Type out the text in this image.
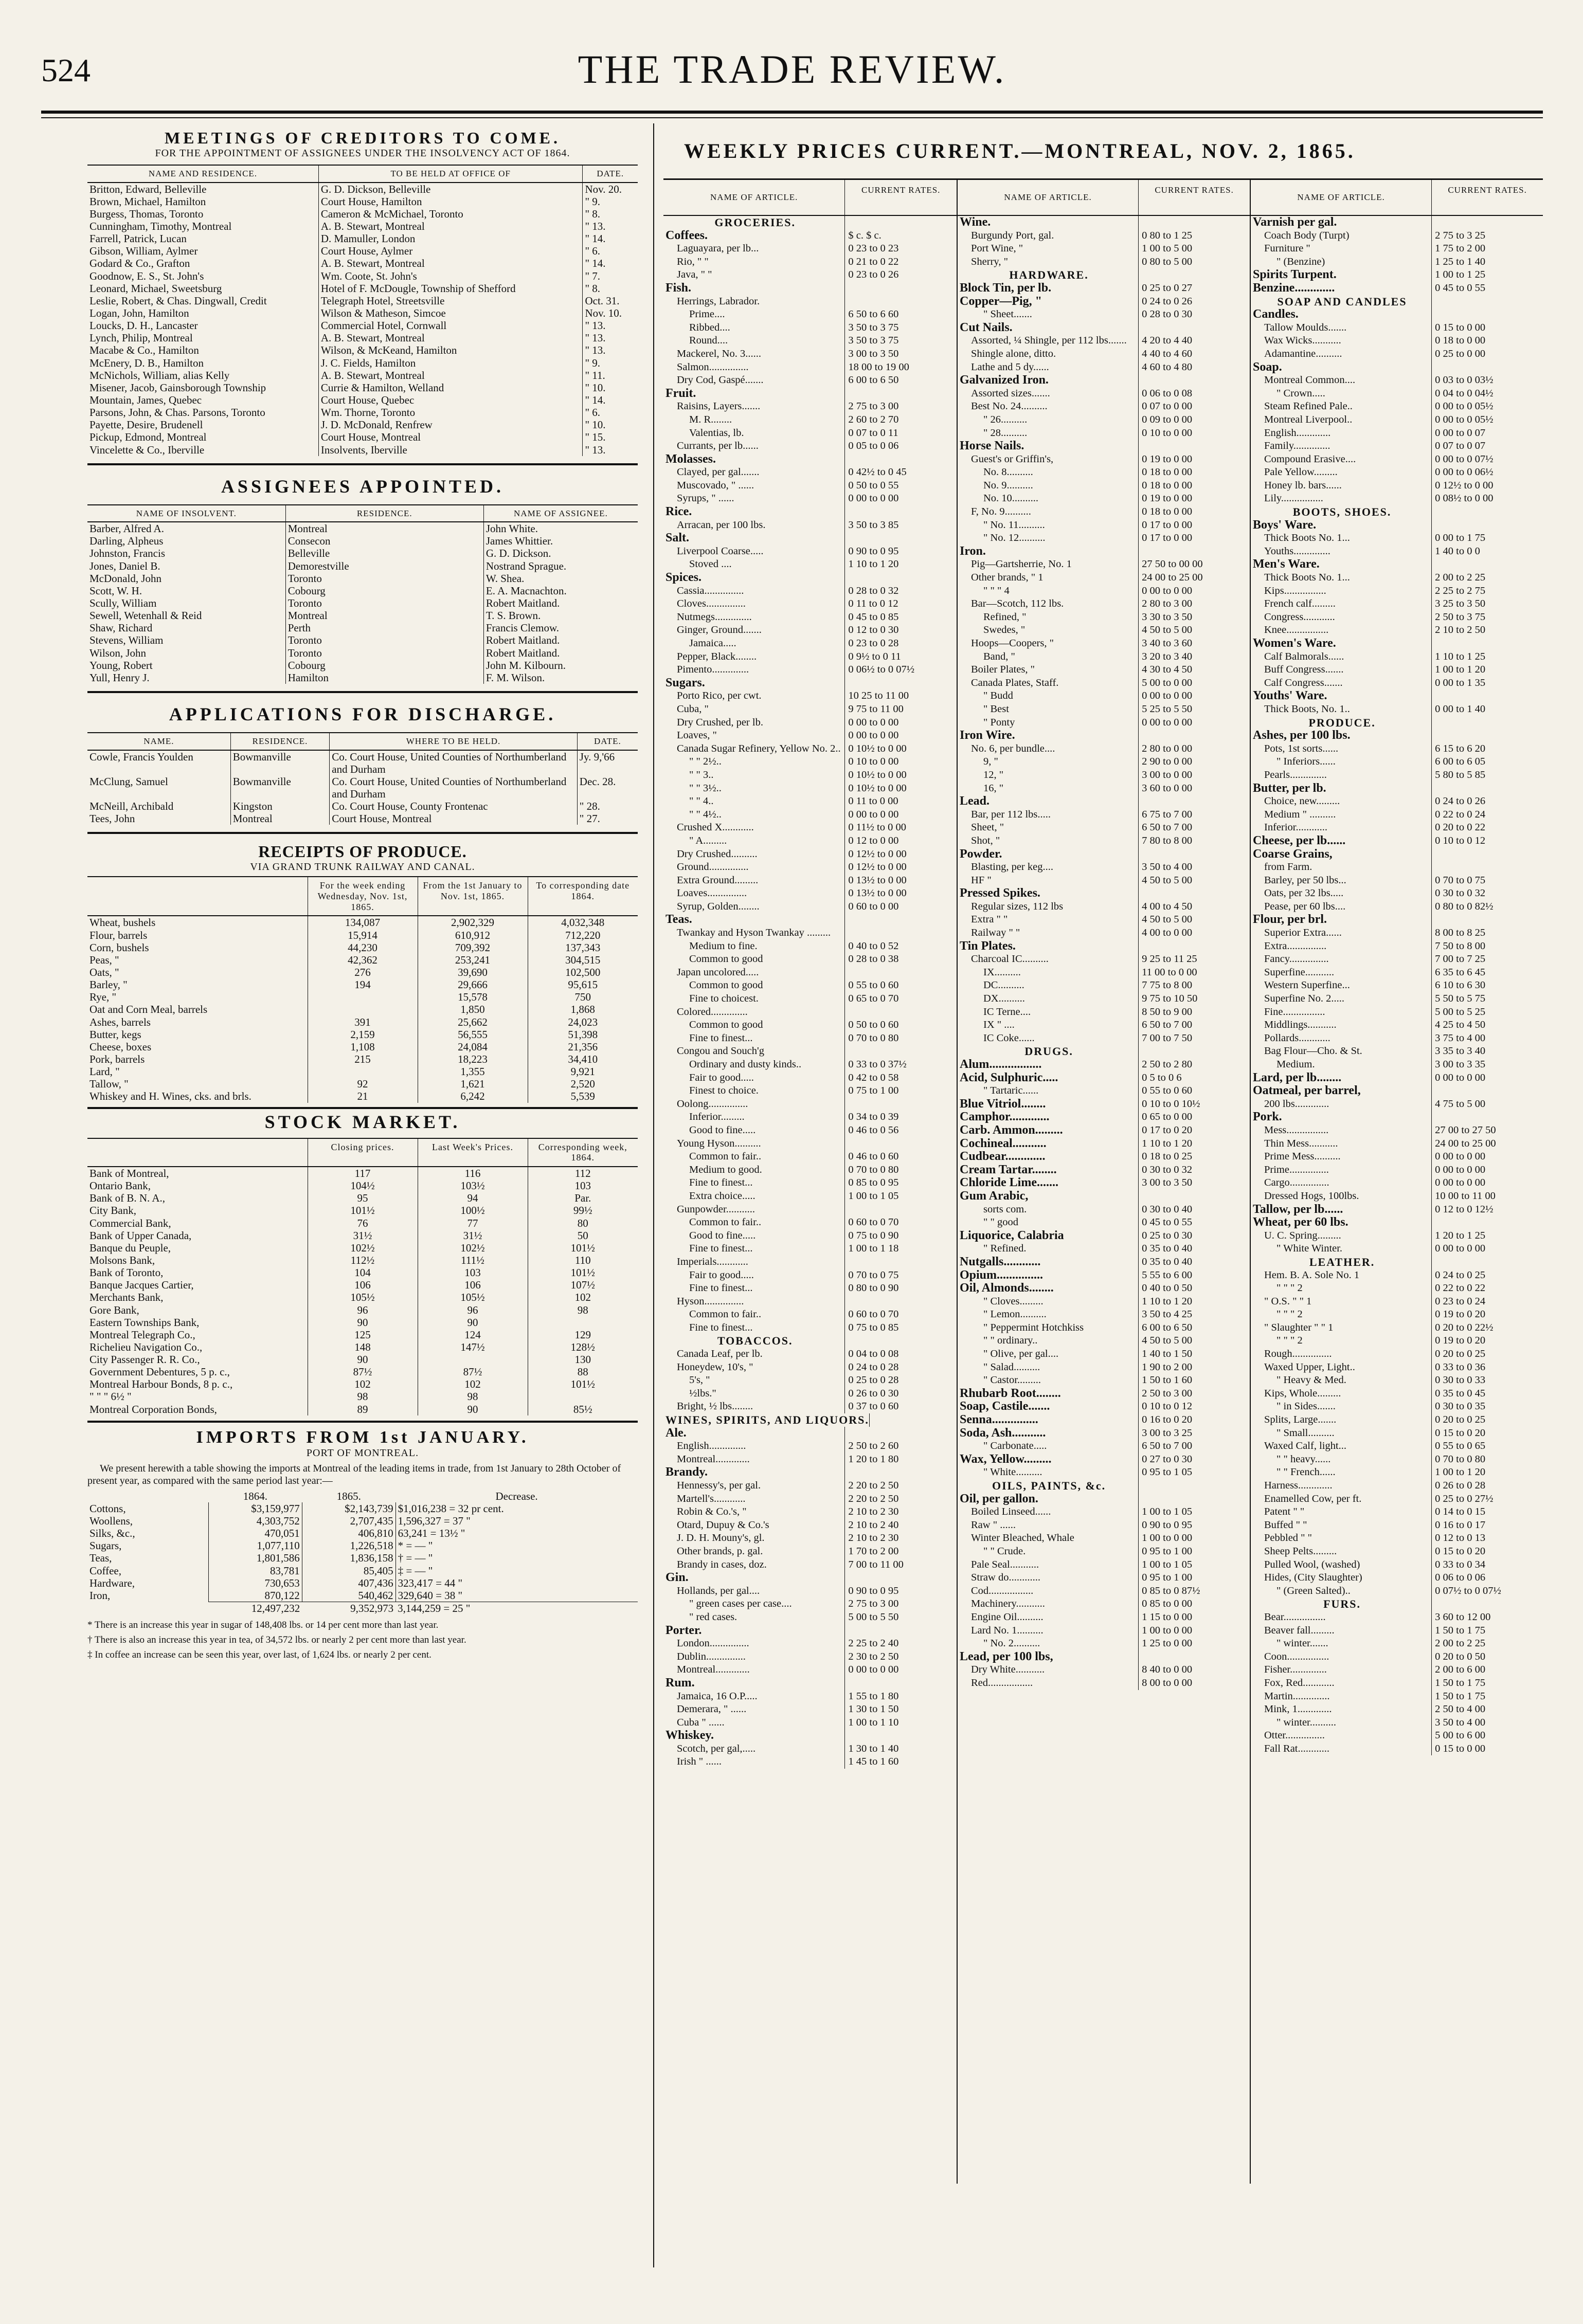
524	THE TRADE REVIEW.
MEETINGS OF CREDITORS TO COME.
FOR THE APPOINTMENT OF ASSIGNEES UNDER THE INSOLVENCY ACT OF 1864.
NAME AND RESIDENCE.	TO BE HELD AT OFFICE OF	DATE.
Britton, Edward, Belleville	G. D. Dickson, Belleville	Nov. 20.
Brown, Michael, Hamilton	Court House, Hamilton	" 9.
Burgess, Thomas, Toronto	Cameron & McMichael, Toronto	" 8.
Cunningham, Timothy, Montreal	A. B. Stewart, Montreal	" 13.
Farrell, Patrick, Lucan	D. Mamuller, London	" 14.
Gibson, William, Aylmer	Court House, Aylmer	" 6.
Godard & Co., Grafton	A. B. Stewart, Montreal	" 14.
Goodnow, E. S., St. John's	Wm. Coote, St. John's	" 7.
Leonard, Michael, Sweetsburg	Hotel of F. McDougle, Township of Shefford	" 8.
Leslie, Robert, & Chas. Dingwall, Credit	Telegraph Hotel, Streetsville	Oct. 31.
Logan, John, Hamilton	Wilson & Matheson, Simcoe	Nov. 10.
Loucks, D. H., Lancaster	Commercial Hotel, Cornwall	" 13.
Lynch, Philip, Montreal	A. B. Stewart, Montreal	" 13.
Macabe & Co., Hamilton	Wilson, & McKeand, Hamilton	" 13.
McEnery, D. B., Hamilton	J. C. Fields, Hamilton	" 9.
McNichols, William, alias Kelly	A. B. Stewart, Montreal	" 11.
Misener, Jacob, Gainsborough Township	Currie & Hamilton, Welland	" 10.
Mountain, James, Quebec	Court House, Quebec	" 14.
Parsons, John, & Chas. Parsons, Toronto	Wm. Thorne, Toronto	" 6.
Payette, Desire, Brudenell	J. D. McDonald, Renfrew	" 10.
Pickup, Edmond, Montreal	Court House, Montreal	" 15.
Vincelette & Co., Iberville	Insolvents, Iberville	" 13.
ASSIGNEES APPOINTED.
NAME OF INSOLVENT.	RESIDENCE.	NAME OF ASSIGNEE.
Barber, Alfred A.	Montreal	John White.
Darling, Alpheus	Consecon	James Whittier.
Johnston, Francis	Belleville	G. D. Dickson.
Jones, Daniel B.	Demorestville	Nostrand Sprague.
McDonald, John	Toronto	W. Shea.
Scott, W. H.	Cobourg	E. A. Macnachton.
Scully, William	Toronto	Robert Maitland.
Sewell, Wetenhall & Reid	Montreal	T. S. Brown.
Shaw, Richard	Perth	Francis Clemow.
Stevens, William	Toronto	Robert Maitland.
Wilson, John	Toronto	Robert Maitland.
Young, Robert	Cobourg	John M. Kilbourn.
Yull, Henry J.	Hamilton	F. M. Wilson.
APPLICATIONS FOR DISCHARGE.
NAME.	RESIDENCE.	WHERE TO BE HELD.	DATE.
Cowle, Francis Youlden	Bowmanville	Co. Court House, United Counties of Northumberland and Durham	Jy. 9,'66
McClung, Samuel	Bowmanville	Co. Court House, United Counties of Northumberland and Durham	Dec. 28.
McNeill, Archibald	Kingston	Co. Court House, County Frontenac	" 28.
Tees, John	Montreal	Court House, Montreal	" 27.
RECEIPTS OF PRODUCE.
VIA GRAND TRUNK RAILWAY AND CANAL.
	For the week ending Wednesday, Nov. 1st, 1865.	From the 1st January to Nov. 1st, 1865.	To corresponding date 1864.
Wheat, bushels	134,087	2,902,329	4,032,348
Flour, barrels	15,914	610,912	712,220
Corn, bushels	44,230	709,392	137,343
Peas, "	42,362	253,241	304,515
Oats, "	276	39,690	102,500
Barley, "	194	29,666	95,615
Rye, "		15,578	750
Oat and Corn Meal, barrels		1,850	1,868
Ashes, barrels	391	25,662	24,023
Butter, kegs	2,159	56,555	51,398
Cheese, boxes	1,108	24,084	21,356
Pork, barrels	215	18,223	34,410
Lard, "		1,355	9,921
Tallow, "	92	1,621	2,520
Whiskey and H. Wines, cks. and brls.	21	6,242	5,539
STOCK MARKET.
	Closing prices.	Last Week's Prices.	Corresponding week, 1864.
Bank of Montreal,	117	116	112
Ontario Bank,	104½	103½	103
Bank of B. N. A.,	95	94	Par.
City Bank,	101½	100½	99½
Commercial Bank,	76	77	80
Bank of Upper Canada,	31½	31½	50
Banque du Peuple,	102½	102½	101½
Molsons Bank,	112½	111½	110
Bank of Toronto,	104	103	101½
Banque Jacques Cartier,	106	106	107½
Merchants Bank,	105½	105½	102
Gore Bank,	96	96	98
Eastern Townships Bank,	90	90	
Montreal Telegraph Co.,	125	124	129
Richelieu Navigation Co.,	148	147½	128½
City Passenger R. R. Co.,	90		130
Government Debentures, 5 p. c.,	87½	87½	88
Montreal Harbour Bonds, 8 p. c.,	102	102	101½
" " " 6½ "	98	98	
Montreal Corporation Bonds,	89	90	85½
IMPORTS FROM 1st JANUARY.
PORT OF MONTREAL.

We present herewith a table showing the imports at Montreal of the leading items in trade, from 1st January to 28th October of present year, as compared with the same period last year:—

	1864.	1865.	Decrease.
Cottons,	$3,159,977	$2,143,739	$1,016,238 = 32 pr cent.
Woollens,	4,303,752	2,707,435	1,596,327 = 37 "
Silks, &c.,	470,051	406,810	63,241 = 13½ "
Sugars,	1,077,110	1,226,518	* = — "
Teas,	1,801,586	1,836,158	† = — "
Coffee,	83,781	85,405	‡ = — "
Hardware,	730,653	407,436	323,417 = 44 "
Iron,	870,122	540,462	329,640 = 38 "
	12,497,232	9,352,973	3,144,259 = 25 "
* There is an increase this year in sugar of 148,408 lbs. or 14 per cent more than last year.
† There is also an increase this year in tea, of 34,572 lbs. or nearly 2 per cent more than last year.
‡ In coffee an increase can be seen this year, over last, of 1,624 lbs. or nearly 2 per cent.
WEEKLY PRICES CURRENT.—MONTREAL, NOV. 2, 1865.
NAME OF ARTICLE.
CURRENT RATES.
GROCERIES.
Coffees.	$ c. $ c.
Laguayara, per lb...	0 23 to 0 23
Rio, " "	0 21 to 0 22
Java, " "	0 23 to 0 26
Fish.
Herrings, Labrador.
Prime....	6 50 to 6 60
Ribbed....	3 50 to 3 75
Round....	3 50 to 3 75
Mackerel, No. 3......	3 00 to 3 50
Salmon...............	18 00 to 19 00
Dry Cod, Gaspé.......	6 00 to 6 50
Fruit.
Raisins, Layers.......	2 75 to 3 00
M. R........	2 60 to 2 70
Valentias, lb.	0 07 to 0 11
Currants, per lb......	0 05 to 0 06
Molasses.
Clayed, per gal.......	0 42½ to 0 45
Muscovado, " ......	0 50 to 0 55
Syrups, " ......	0 00 to 0 00
Rice.
Arracan, per 100 lbs.	3 50 to 3 85
Salt.
Liverpool Coarse.....	0 90 to 0 95
Stoved ....	1 10 to 1 20
Spices.
Cassia...............	0 28 to 0 32
Cloves...............	0 11 to 0 12
Nutmegs..............	0 45 to 0 85
Ginger, Ground.......	0 12 to 0 30
Jamaica.....	0 23 to 0 28
Pepper, Black........	0 9½ to 0 11
Pimento..............	0 06½ to 0 07½
Sugars.
Porto Rico, per cwt.	10 25 to 11 00
Cuba, "	9 75 to 11 00
Dry Crushed, per lb.	0 00 to 0 00
Loaves, "	0 00 to 0 00
Canada Sugar Refinery, Yellow No. 2.. 0 10½ to 0 00
" " 2½..	0 10 to 0 00
" " 3..	0 10½ to 0 00
" " 3½..	0 10½ to 0 00
" " 4..	0 11 to 0 00
" " 4½..	0 00 to 0 00
Crushed X............	0 11½ to 0 00
" A.........	0 12 to 0 00
Dry Crushed..........	0 12½ to 0 00
Ground...............	0 12½ to 0 00
Extra Ground.........	0 13½ to 0 00
Loaves...............	0 13½ to 0 00
Syrup, Golden........	0 60 to 0 00
Teas.
Twankay and Hyson Twankay .........
Medium to fine.	0 40 to 0 52
Common to good	0 28 to 0 38
Japan uncolored.....
Common to good	0 55 to 0 60
Fine to choicest.	0 65 to 0 70
Colored..............
Common to good	0 50 to 0 60
Fine to finest...	0 70 to 0 80
Congou and Souch'g
Ordinary and dusty kinds..	0 33 to 0 37½
Fair to good.....	0 42 to 0 58
Finest to choice.	0 75 to 1 00
Oolong...............
Inferior.........	0 34 to 0 39
Good to fine.....	0 46 to 0 56
Young Hyson..........
Common to fair..	0 46 to 0 60
Medium to good.	0 70 to 0 80
Fine to finest...	0 85 to 0 95
Extra choice.....	1 00 to 1 05
Gunpowder...........
Common to fair..	0 60 to 0 70
Good to fine.....	0 75 to 0 90
Fine to finest...	1 00 to 1 18
Imperials............
Fair to good.....	0 70 to 0 75
Fine to finest...	0 80 to 0 90
Hyson...............
Common to fair..	0 60 to 0 70
Fine to finest...	0 75 to 0 85
TOBACCOS.
Canada Leaf, per lb.	0 04 to 0 08
Honeydew, 10's, "	0 24 to 0 28
5's, "	0 25 to 0 28
½lbs."	0 26 to 0 30
Bright, ½ lbs........	0 37 to 0 60
WINES, SPIRITS, AND LIQUORS.
Ale.
English..............	2 50 to 2 60
Montreal.............	1 20 to 1 80
Brandy.
Hennessy's, per gal.	2 20 to 2 50
Martell's............	2 20 to 2 50
Robin & Co.'s, "	2 10 to 2 30
Otard, Dupuy & Co.'s	2 10 to 2 40
J. D. H. Mouny's, gl.	2 10 to 2 30
Other brands, p. gal.	1 70 to 2 00
Brandy in cases, doz.	7 00 to 11 00
Gin.
Hollands, per gal....	0 90 to 0 95
" green cases per case....	2 75 to 3 00
" red cases.	5 00 to 5 50
Porter.
London...............	2 25 to 2 40
Dublin...............	2 30 to 2 50
Montreal.............	0 00 to 0 00
Rum.
Jamaica, 16 O.P.....	1 55 to 1 80
Demerara, " ......	1 30 to 1 50
Cuba " ......	1 00 to 1 10
Whiskey.
Scotch, per gal,.....	1 30 to 1 40
Irish " ......	1 45 to 1 60
NAME OF ARTICLE.
CURRENT RATES.
Wine.
Burgundy Port, gal.	0 80 to 1 25
Port Wine, "	1 00 to 5 00
Sherry, "	0 80 to 5 00
HARDWARE.
Block Tin, per lb.	0 25 to 0 27
Copper—Pig, "	0 24 to 0 26
" Sheet.......	0 28 to 0 30
Cut Nails.
Assorted, ¼ Shingle, per 112 lbs.......	4 20 to 4 40
Shingle alone, ditto.	4 40 to 4 60
Lathe and 5 dy......	4 60 to 4 80
Galvanized Iron.
Assorted sizes.......	0 06 to 0 08
Best No. 24..........	0 07 to 0 00
" 26..........	0 09 to 0 00
" 28..........	0 10 to 0 00
Horse Nails.
Guest's or Griffin's,	0 19 to 0 00
No. 8..........	0 18 to 0 00
No. 9..........	0 18 to 0 00
No. 10..........	0 19 to 0 00
F, No. 9..........	0 18 to 0 00
" No. 11..........	0 17 to 0 00
" No. 12..........	0 17 to 0 00
Iron.
Pig—Gartsherrie, No. 1	27 50 to 00 00
Other brands, " 1	24 00 to 25 00
" " " 4	0 00 to 0 00
Bar—Scotch, 112 lbs.	2 80 to 3 00
Refined, "	3 30 to 3 50
Swedes, "	4 50 to 5 00
Hoops—Coopers, "	3 40 to 3 60
Band, "	3 20 to 3 40
Boiler Plates, "	4 30 to 4 50
Canada Plates, Staff.	5 00 to 0 00
" Budd	0 00 to 0 00
" Best	5 25 to 5 50
" Ponty	0 00 to 0 00
Iron Wire.
No. 6, per bundle....	2 80 to 0 00
9, "	2 90 to 0 00
12, "	3 00 to 0 00
16, "	3 60 to 0 00
Lead.
Bar, per 112 lbs.....	6 75 to 7 00
Sheet, "	6 50 to 7 00
Shot, "	7 80 to 8 00
Powder.
Blasting, per keg....	3 50 to 4 00
HF "	4 50 to 5 00
Pressed Spikes.
Regular sizes, 112 lbs	4 00 to 4 50
Extra " "	4 50 to 5 00
Railway " "	4 00 to 0 00
Tin Plates.
Charcoal IC..........	9 25 to 11 25
IX..........	11 00 to 0 00
DC..........	7 75 to 8 00
DX..........	9 75 to 10 50
IC Terne....	8 50 to 9 00
IX " ....	6 50 to 7 00
IC Coke......	7 00 to 7 50
DRUGS.
Alum.................	2 50 to 2 80
Acid, Sulphuric.....	0 5 to 0 6
" Tartaric......	0 55 to 0 60
Blue Vitriol........	0 10 to 0 10½
Camphor.............	0 65 to 0 00
Carb. Ammon.........	0 17 to 0 20
Cochineal...........	1 10 to 1 20
Cudbear.............	0 18 to 0 25
Cream Tartar........	0 30 to 0 32
Chloride Lime.......	3 00 to 3 50
Gum Arabic,
sorts com.	0 30 to 0 40
" " good	0 45 to 0 55
Liquorice, Calabria	0 25 to 0 30
" Refined.	0 35 to 0 40
Nutgalls............	0 35 to 0 40
Opium...............	5 55 to 6 00
Oil, Almonds........	0 40 to 0 50
" Cloves.........	1 10 to 1 20
" Lemon..........	3 50 to 4 25
" Peppermint Hotchkiss	6 00 to 6 50
" " ordinary..	4 50 to 5 00
" Olive, per gal....	1 40 to 1 50
" Salad..........	1 90 to 2 00
" Castor.........	1 50 to 1 60
Rhubarb Root........	2 50 to 3 00
Soap, Castile.......	0 10 to 0 12
Senna...............	0 16 to 0 20
Soda, Ash...........	3 00 to 3 25
" Carbonate.....	6 50 to 7 00
Wax, Yellow.........	0 27 to 0 30
" White..........	0 95 to 1 05
OILS, PAINTS, &c.
Oil, per gallon.
Boiled Linseed......	1 00 to 1 05
Raw " ......	0 90 to 0 95
Winter Bleached, Whale	1 00 to 0 00
" " Crude.	0 95 to 1 00
Pale Seal...........	1 00 to 1 05
Straw do............	0 95 to 1 00
Cod.................	0 85 to 0 87½
Machinery...........	0 85 to 0 00
Engine Oil..........	1 15 to 0 00
Lard No. 1..........	1 00 to 0 00
" No. 2..........	1 25 to 0 00
Lead, per 100 lbs,
Dry White...........	8 40 to 0 00
Red.................	8 00 to 0 00
NAME OF ARTICLE.
CURRENT RATES.
Varnish per gal.
Coach Body (Turpt)	2 75 to 3 25
Furniture "	1 75 to 2 00
" (Benzine)	1 25 to 1 40
Spirits Turpent.	1 00 to 1 25
Benzine.............	0 45 to 0 55
SOAP AND CANDLES
Candles.
Tallow Moulds.......	0 15 to 0 00
Wax Wicks...........	0 18 to 0 00
Adamantine..........	0 25 to 0 00
Soap.
Montreal Common....	0 03 to 0 03½
" Crown.....	0 04 to 0 04½
Steam Refined Pale..	0 00 to 0 05½
Montreal Liverpool..	0 00 to 0 05½
English.............	0 00 to 0 07
Family..............	0 07 to 0 07
Compound Erasive....	0 00 to 0 07½
Pale Yellow.........	0 00 to 0 06½
Honey lb. bars......	0 12½ to 0 00
Lily................	0 08½ to 0 00
BOOTS, SHOES.
Boys' Ware.
Thick Boots No. 1...	0 00 to 1 75
Youths..............	1 40 to 0 0
Men's Ware.
Thick Boots No. 1...	2 00 to 2 25
Kips................	2 25 to 2 75
French calf.........	3 25 to 3 50
Congress............	2 50 to 3 75
Knee................	2 10 to 2 50
Women's Ware.
Calf Balmorals......	1 10 to 1 25
Buff Congress.......	1 00 to 1 20
Calf Congress.......	0 00 to 1 35
Youths' Ware.
Thick Boots, No. 1..	0 00 to 1 40
PRODUCE.
Ashes, per 100 lbs.
Pots, 1st sorts......	6 15 to 6 20
" Inferiors......	6 00 to 6 05
Pearls..............	5 80 to 5 85
Butter, per lb.
Choice, new.........	0 24 to 0 26
Medium " ..........	0 22 to 0 24
Inferior............	0 20 to 0 22
Cheese, per lb......	0 10 to 0 12
Coarse Grains,
from Farm.
Barley, per 50 lbs...	0 70 to 0 75
Oats, per 32 lbs.....	0 30 to 0 32
Pease, per 60 lbs....	0 80 to 0 82½
Flour, per brl.
Superior Extra......	8 00 to 8 25
Extra...............	7 50 to 8 00
Fancy...............	7 00 to 7 25
Superfine...........	6 35 to 6 45
Western Superfine...	6 10 to 6 30
Superfine No. 2.....	5 50 to 5 75
Fine................	5 00 to 5 25
Middlings...........	4 25 to 4 50
Pollards............	3 75 to 4 00
Bag Flour—Cho. & St.	3 35 to 3 40
Medium.	3 00 to 3 35
Lard, per lb........	0 00 to 0 00
Oatmeal, per barrel,
200 lbs.............	4 75 to 5 00
Pork.
Mess................	27 00 to 27 50
Thin Mess...........	24 00 to 25 00
Prime Mess..........	0 00 to 0 00
Prime...............	0 00 to 0 00
Cargo...............	0 00 to 0 00
Dressed Hogs, 100lbs.	10 00 to 11 00
Tallow, per lb......	0 12 to 0 12½
Wheat, per 60 lbs.
U. C. Spring.........	1 20 to 1 25
" White Winter.	0 00 to 0 00
LEATHER.
Hem. B. A. Sole No. 1	0 24 to 0 25
" " " 2	0 22 to 0 22
" O.S. " " 1	0 23 to 0 24
" " " 2	0 19 to 0 20
" Slaughter " " 1	0 20 to 0 22½
" " " 2	0 19 to 0 20
Rough...............	0 20 to 0 25
Waxed Upper, Light..	0 33 to 0 36
" Heavy & Med.	0 30 to 0 33
Kips, Whole.........	0 35 to 0 45
" in Sides.......	0 30 to 0 35
Splits, Large.......	0 20 to 0 25
" Small..........	0 15 to 0 20
Waxed Calf, light...	0 55 to 0 65
" " heavy......	0 70 to 0 80
" " French......	1 00 to 1 20
Harness.............	0 26 to 0 28
Enamelled Cow, per ft.	0 25 to 0 27½
Patent " "	0 14 to 0 15
Buffed " "	0 16 to 0 17
Pebbled " "	0 12 to 0 13
Sheep Pelts.........	0 15 to 0 20
Pulled Wool, (washed)	0 33 to 0 34
Hides, (City Slaughter)	0 06 to 0 06
" (Green Salted)..	0 07½ to 0 07½
FURS.
Bear................	3 60 to 12 00
Beaver fall.........	1 50 to 1 75
" winter.......	2 00 to 2 25
Coon................	0 20 to 0 50
Fisher..............	2 00 to 6 00
Fox, Red............	1 50 to 1 75
Martin..............	1 50 to 1 75
Mink, 1.............	2 50 to 4 00
" winter..........	3 50 to 4 00
Otter...............	5 00 to 6 00
Fall Rat............	0 15 to 0 00
